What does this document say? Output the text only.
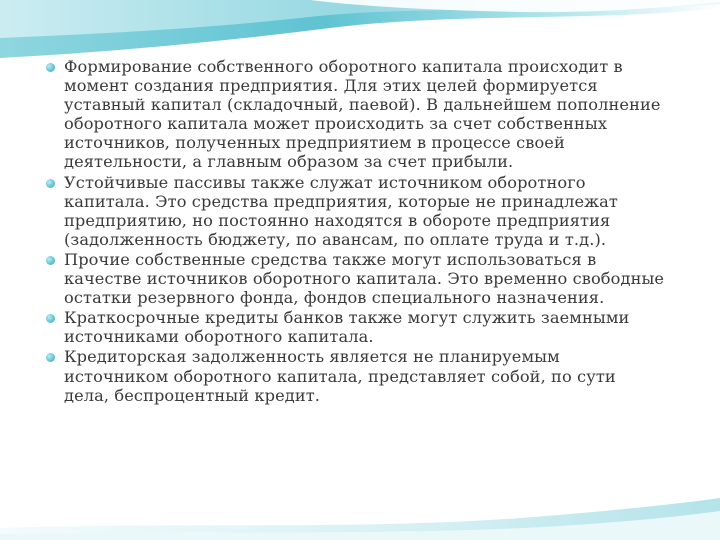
Формирование собственного оборотного капитала происходит в момент создания предприятия. Для этих целей формируется уставный капитал (складочный, паевой). В дальнейшем пополнение оборотного капитала может происходить за счет собственных источников, полученных предприятием в процессе своей деятельности, а главным образом за счет прибыли.
Устойчивые пассивы также служат источником оборотного капитала. Это средства предприятия, которые не принадлежат предприятию, но постоянно находятся в обороте предприятия (задолженность бюджету, по авансам, по оплате труда и т.д.).
Прочие собственные средства также могут использоваться в качестве источников оборотного капитала. Это временно свободные остатки резервного фонда, фондов специального назначения.
Краткосрочные кредиты банков также могут служить заемными источниками оборотного капитала.
Кредиторская задолженность является не планируемым источником оборотного капитала, представляет собой, по сути дела, беспроцентный кредит.
